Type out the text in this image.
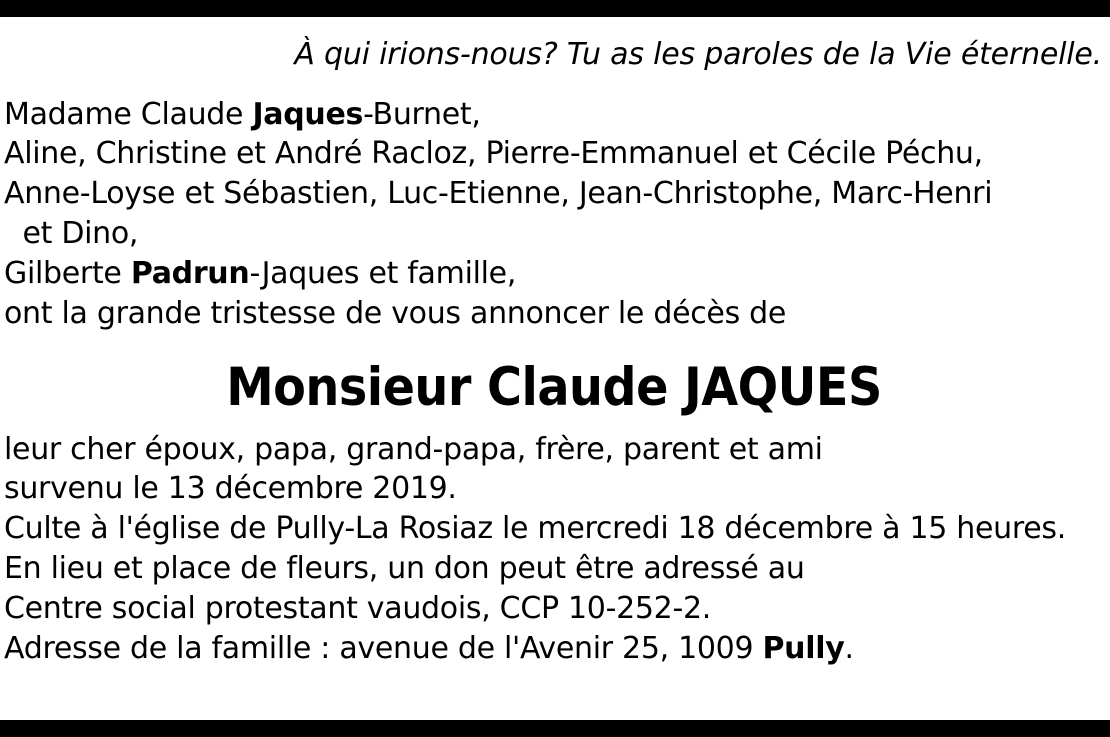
À qui irions-nous? Tu as les paroles de la Vie éternelle.
Madame Claude Jaques-Burnet,
Aline, Christine et André Racloz, Pierre-Emmanuel et Cécile Péchu,
Anne-Loyse et Sébastien, Luc-Etienne, Jean-Christophe, Marc-Henri
et Dino,
Gilberte Padrun-Jaques et famille,
ont la grande tristesse de vous annoncer le décès de
Monsieur Claude JAQUES
leur cher époux, papa, grand-papa, frère, parent et ami
survenu le 13 décembre 2019.
Culte à l'église de Pully-La Rosiaz le mercredi 18 décembre à 15 heures.
En lieu et place de fleurs, un don peut être adressé au
Centre social protestant vaudois, CCP 10-252-2.
Adresse de la famille : avenue de l'Avenir 25, 1009 Pully.
